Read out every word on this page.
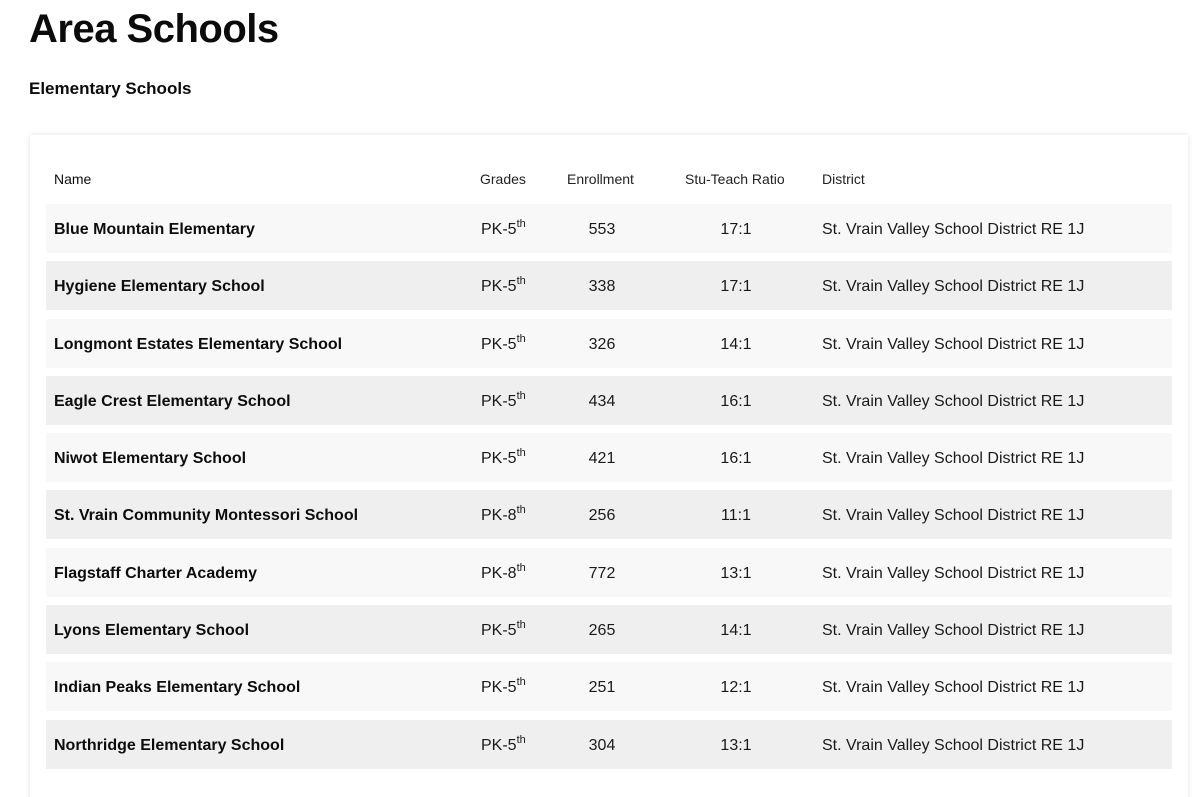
Area Schools
Elementary Schools
Name	Grades	Enrollment	Stu-Teach Ratio	District
Blue Mountain Elementary	PK-5th	553	17:1	St. Vrain Valley School District RE 1J
Hygiene Elementary School	PK-5th	338	17:1	St. Vrain Valley School District RE 1J
Longmont Estates Elementary School	PK-5th	326	14:1	St. Vrain Valley School District RE 1J
Eagle Crest Elementary School	PK-5th	434	16:1	St. Vrain Valley School District RE 1J
Niwot Elementary School	PK-5th	421	16:1	St. Vrain Valley School District RE 1J
St. Vrain Community Montessori School	PK-8th	256	11:1	St. Vrain Valley School District RE 1J
Flagstaff Charter Academy	PK-8th	772	13:1	St. Vrain Valley School District RE 1J
Lyons Elementary School	PK-5th	265	14:1	St. Vrain Valley School District RE 1J
Indian Peaks Elementary School	PK-5th	251	12:1	St. Vrain Valley School District RE 1J
Northridge Elementary School	PK-5th	304	13:1	St. Vrain Valley School District RE 1J
